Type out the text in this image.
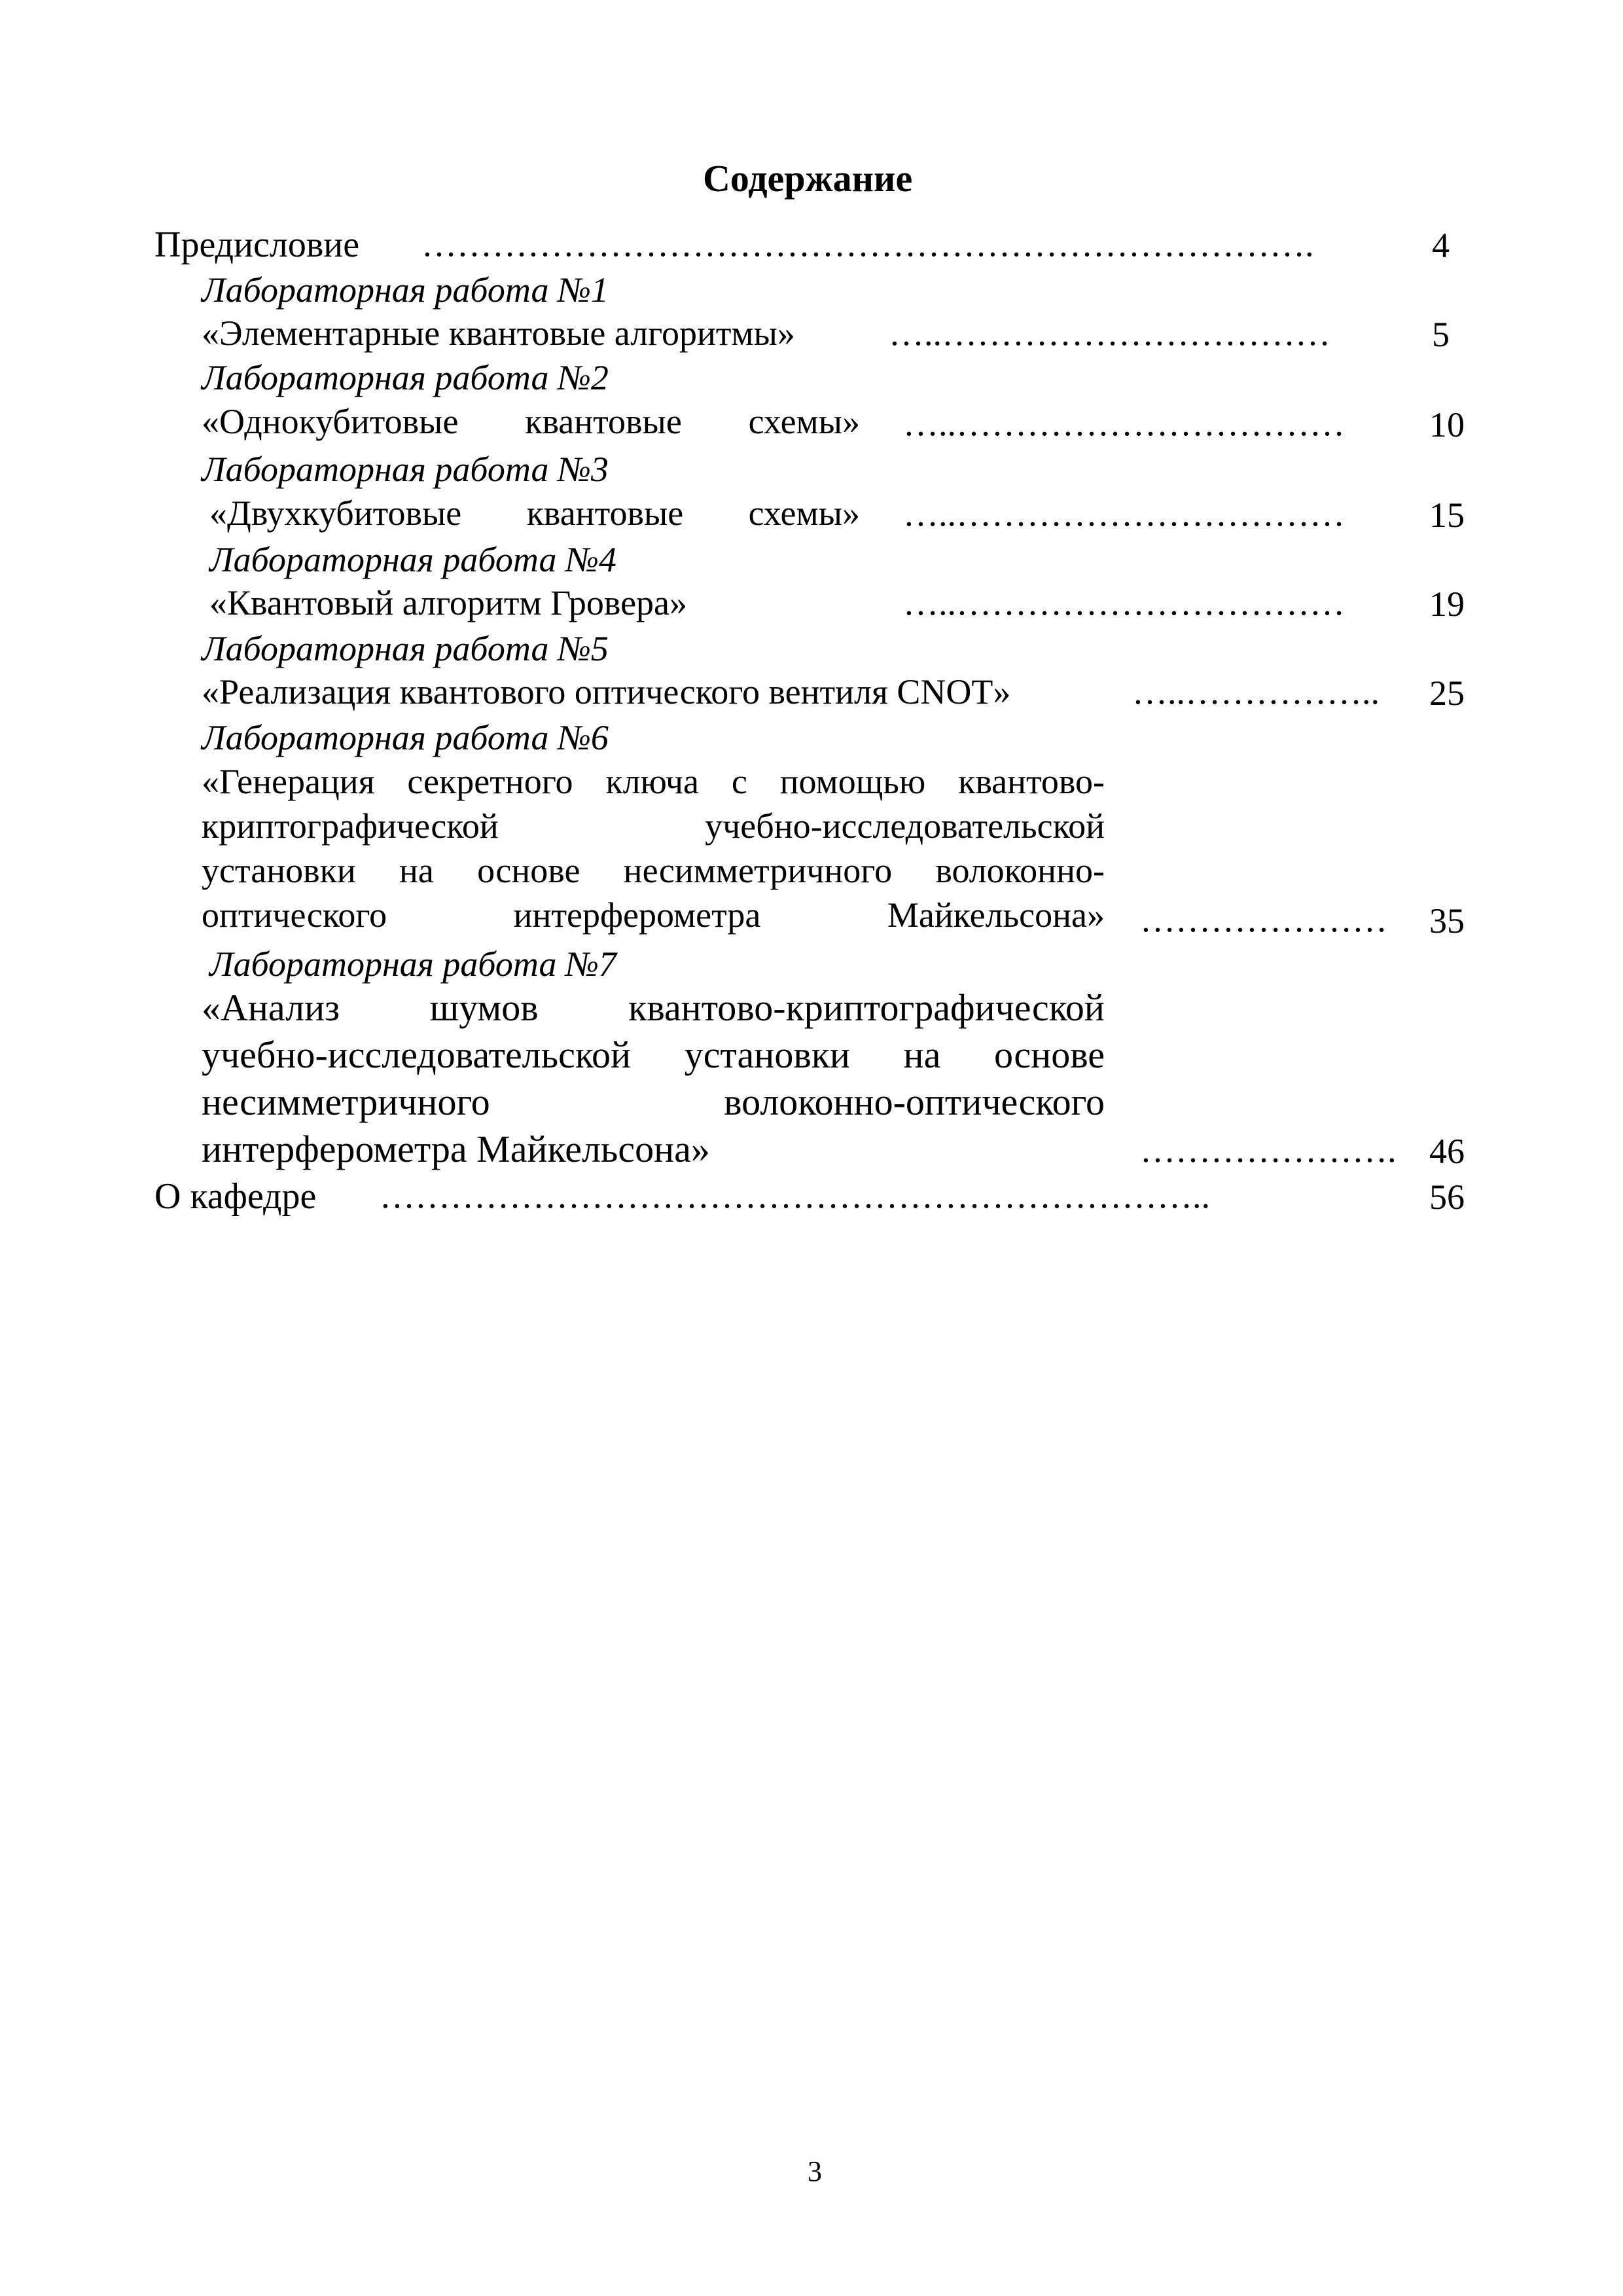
Содержание
Предисловие ………………………………………………………………….	4
Лабораторная работа №1
«Элементарные квантовые алгоритмы»	…..……………………………	5
Лабораторная работа №2
«Однокубитовые квантовые схемы» …..…………………………… 10
Лабораторная работа №3
«Двухкубитовые квантовые схемы» …..…………………………… 15
Лабораторная работа №4
«Квантовый алгоритм Гровера»	…..…………………………… 19
Лабораторная работа №5
«Реализация квантового оптического вентиля CNOT»	…..…………….. 25
Лабораторная работа №6
«Генерация секретного ключа с помощью квантово-
криптографической	учебно-исследовательской
установки на основе несимметричного волоконно-
оптического	интерферометра	Майкельсона» ………………… 35
Лабораторная работа №7
«Анализ шумов квантово-криптографической
учебно-исследовательской установки на основе
несимметричного	волоконно-оптического
интерферометра Майкельсона»	…………………. 46
О кафедре ……………………………………………………………..	56
3
